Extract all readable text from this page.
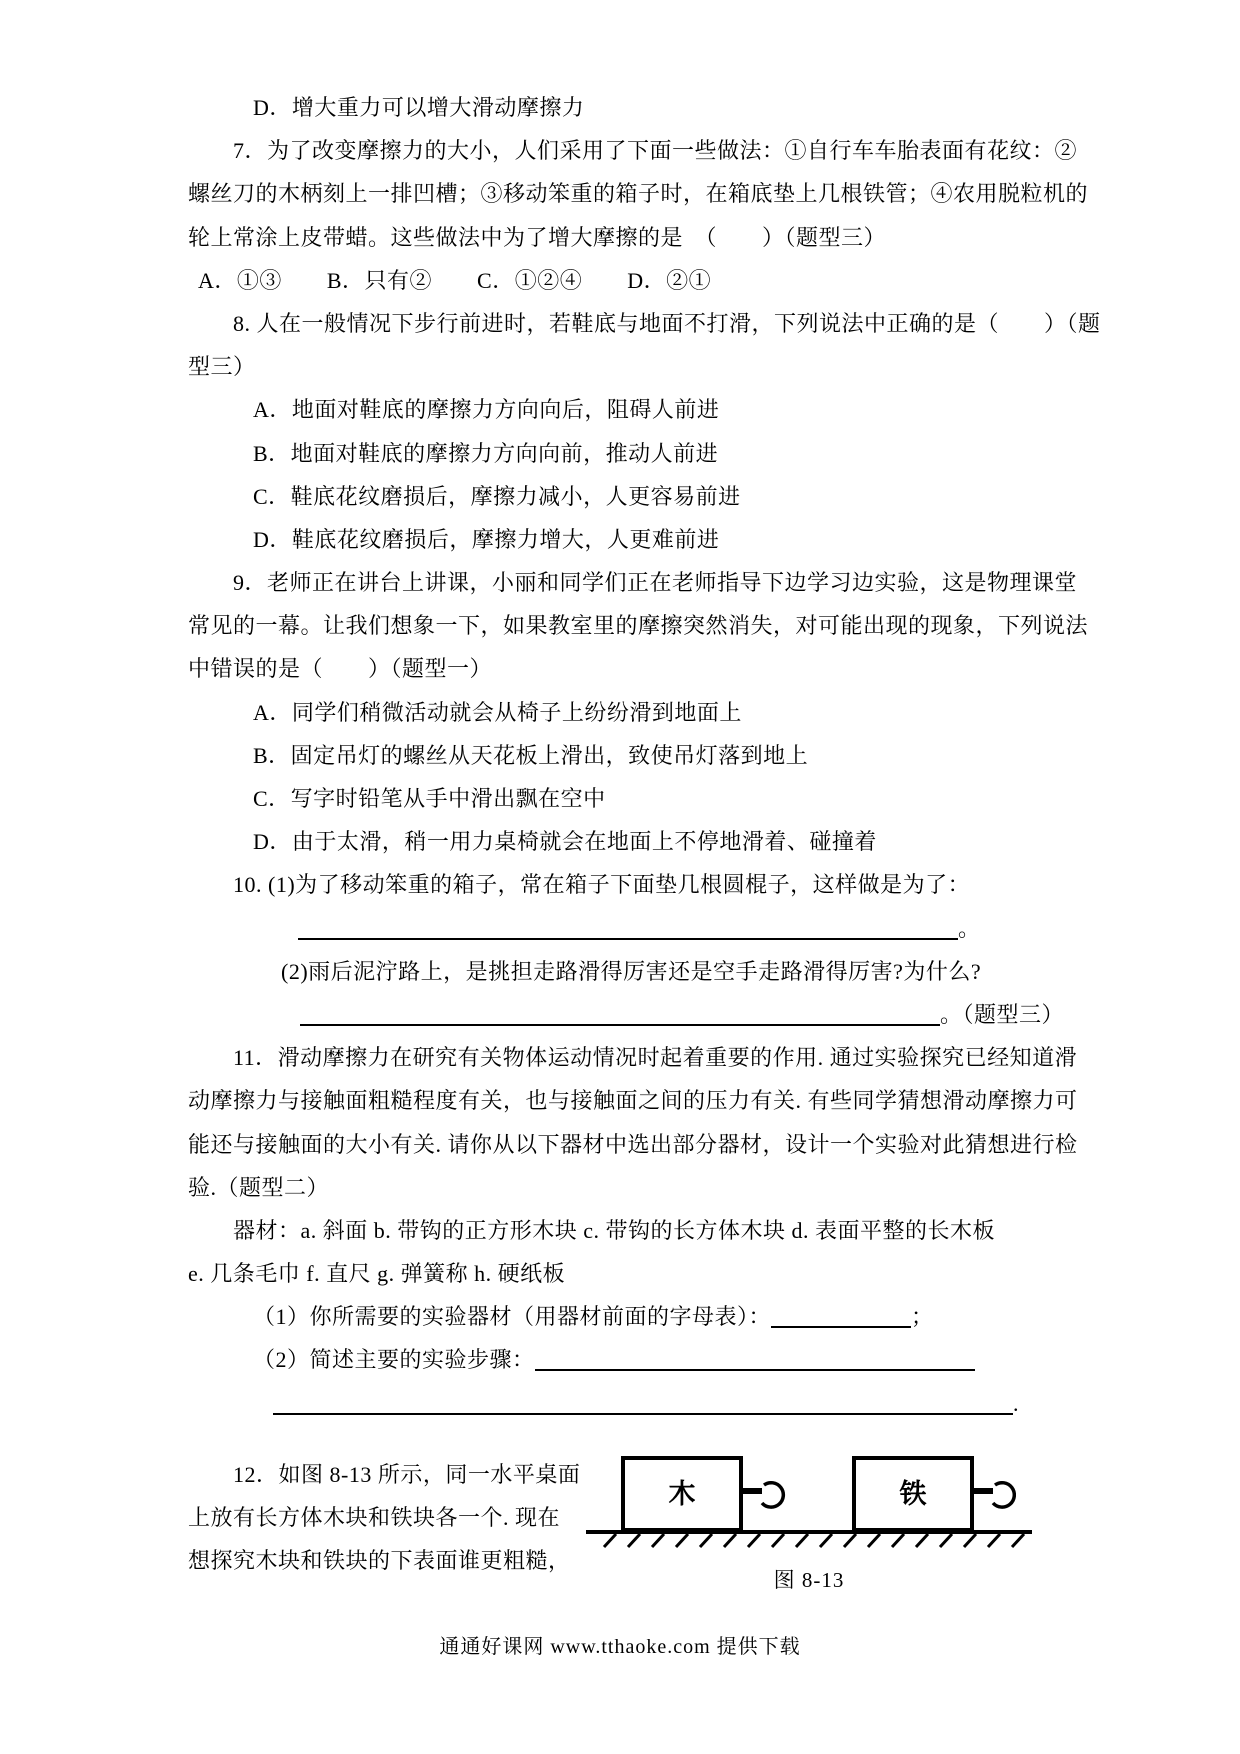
D．增大重力可以增大滑动摩擦力
7．为了改变摩擦力的大小，人们采用了下面一些做法：①自行车车胎表面有花纹：②
螺丝刀的木柄刻上一排凹槽；③移动笨重的箱子时，在箱底垫上几根铁管；④农用脱粒机的
轮上常涂上皮带蜡。这些做法中为了增大摩擦的是　（　　）（题型三）
A．①③　　B．只有②　　C．①②④　　D．②①
8. 人在一般情况下步行前进时，若鞋底与地面不打滑，下列说法中正确的是（　　）（题
型三）
A．地面对鞋底的摩擦力方向向后，阻碍人前进
B．地面对鞋底的摩擦力方向向前，推动人前进
C．鞋底花纹磨损后，摩擦力减小，人更容易前进
D．鞋底花纹磨损后，摩擦力增大，人更难前进
9．老师正在讲台上讲课，小丽和同学们正在老师指导下边学习边实验，这是物理课堂
常见的一幕。让我们想象一下，如果教室里的摩擦突然消失，对可能出现的现象，下列说法
中错误的是（　　）（题型一）
A．同学们稍微活动就会从椅子上纷纷滑到地面上
B．固定吊灯的螺丝从天花板上滑出，致使吊灯落到地上
C．写字时铅笔从手中滑出飘在空中
D．由于太滑，稍一用力桌椅就会在地面上不停地滑着、碰撞着
10. (1)为了移动笨重的箱子，常在箱子下面垫几根圆棍子，这样做是为了：
。
(2)雨后泥泞路上，是挑担走路滑得厉害还是空手走路滑得厉害?为什么?
。（题型三）
11．滑动摩擦力在研究有关物体运动情况时起着重要的作用. 通过实验探究已经知道滑
动摩擦力与接触面粗糙程度有关，也与接触面之间的压力有关. 有些同学猜想滑动摩擦力可
能还与接触面的大小有关. 请你从以下器材中选出部分器材，设计一个实验对此猜想进行检
验.（题型二）
器材：a. 斜面 b. 带钩的正方形木块 c. 带钩的长方体木块 d. 表面平整的长木板
e. 几条毛巾 f. 直尺 g. 弹簧称 h. 硬纸板
（1）你所需要的实验器材（用器材前面的字母表）：	；
（2）简述主要的实验步骤：
.
12．如图 8-13 所示，同一水平桌面
上放有长方体木块和铁块各一个. 现在
想探究木块和铁块的下表面谁更粗糙，
木	铁
图 8-13
通通好课网 www.tthaoke.com 提供下载
